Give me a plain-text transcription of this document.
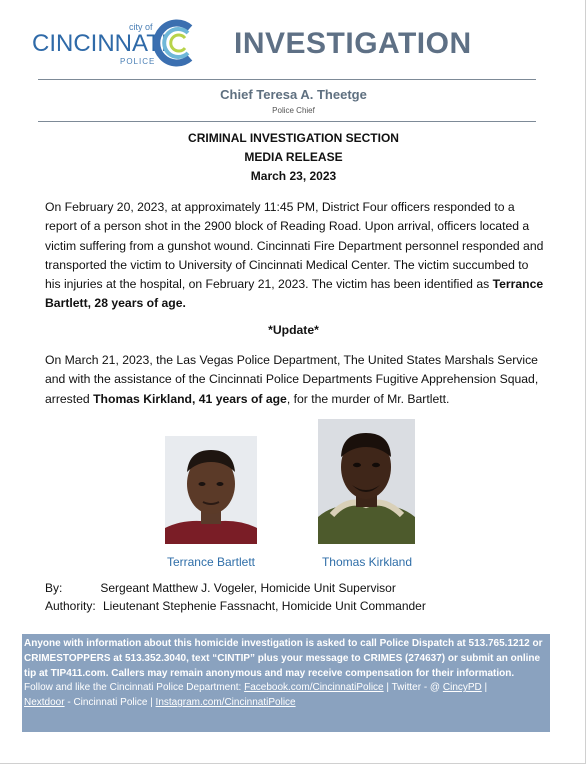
city of
CINCINNATI
POLICE
INVESTIGATION
Chief Teresa A. Theetge
Police Chief
CRIMINAL INVESTIGATION SECTION
MEDIA RELEASE
March 23, 2023
On February 20, 2023, at approximately 11:45 PM, District Four officers responded to a report of a person shot in the 2900 block of Reading Road. Upon arrival, officers located a victim suffering from a gunshot wound. Cincinnati Fire Department personnel responded and transported the victim to University of Cincinnati Medical Center. The victim succumbed to his injuries at the hospital, on February 21, 2023. The victim has been identified as Terrance Bartlett, 28 years of age.
*Update*
On March 21, 2023, the Las Vegas Police Department, The United States Marshals Service and with the assistance of the Cincinnati Police Departments Fugitive Apprehension Squad, arrested Thomas Kirkland, 41 years of age, for the murder of Mr. Bartlett.
Terrance Bartlett	Thomas Kirkland
By:	Sergeant Matthew J. Vogeler, Homicide Unit Supervisor
Authority: Lieutenant Stephenie Fassnacht, Homicide Unit Commander
Anyone with information about this homicide investigation is asked to call Police Dispatch at 513.765.1212 or CRIMESTOPPERS at 513.352.3040, text “CINTIP” plus your message to CRIMES (274637) or submit an online tip at TIP411.com. Callers may remain anonymous and may receive compensation for their information.
Follow and like the Cincinnati Police Department: Facebook.com/CincinnatiPolice | Twitter - @ CincyPD |
Nextdoor - Cincinnati Police | Instagram.com/CincinnatiPolice
